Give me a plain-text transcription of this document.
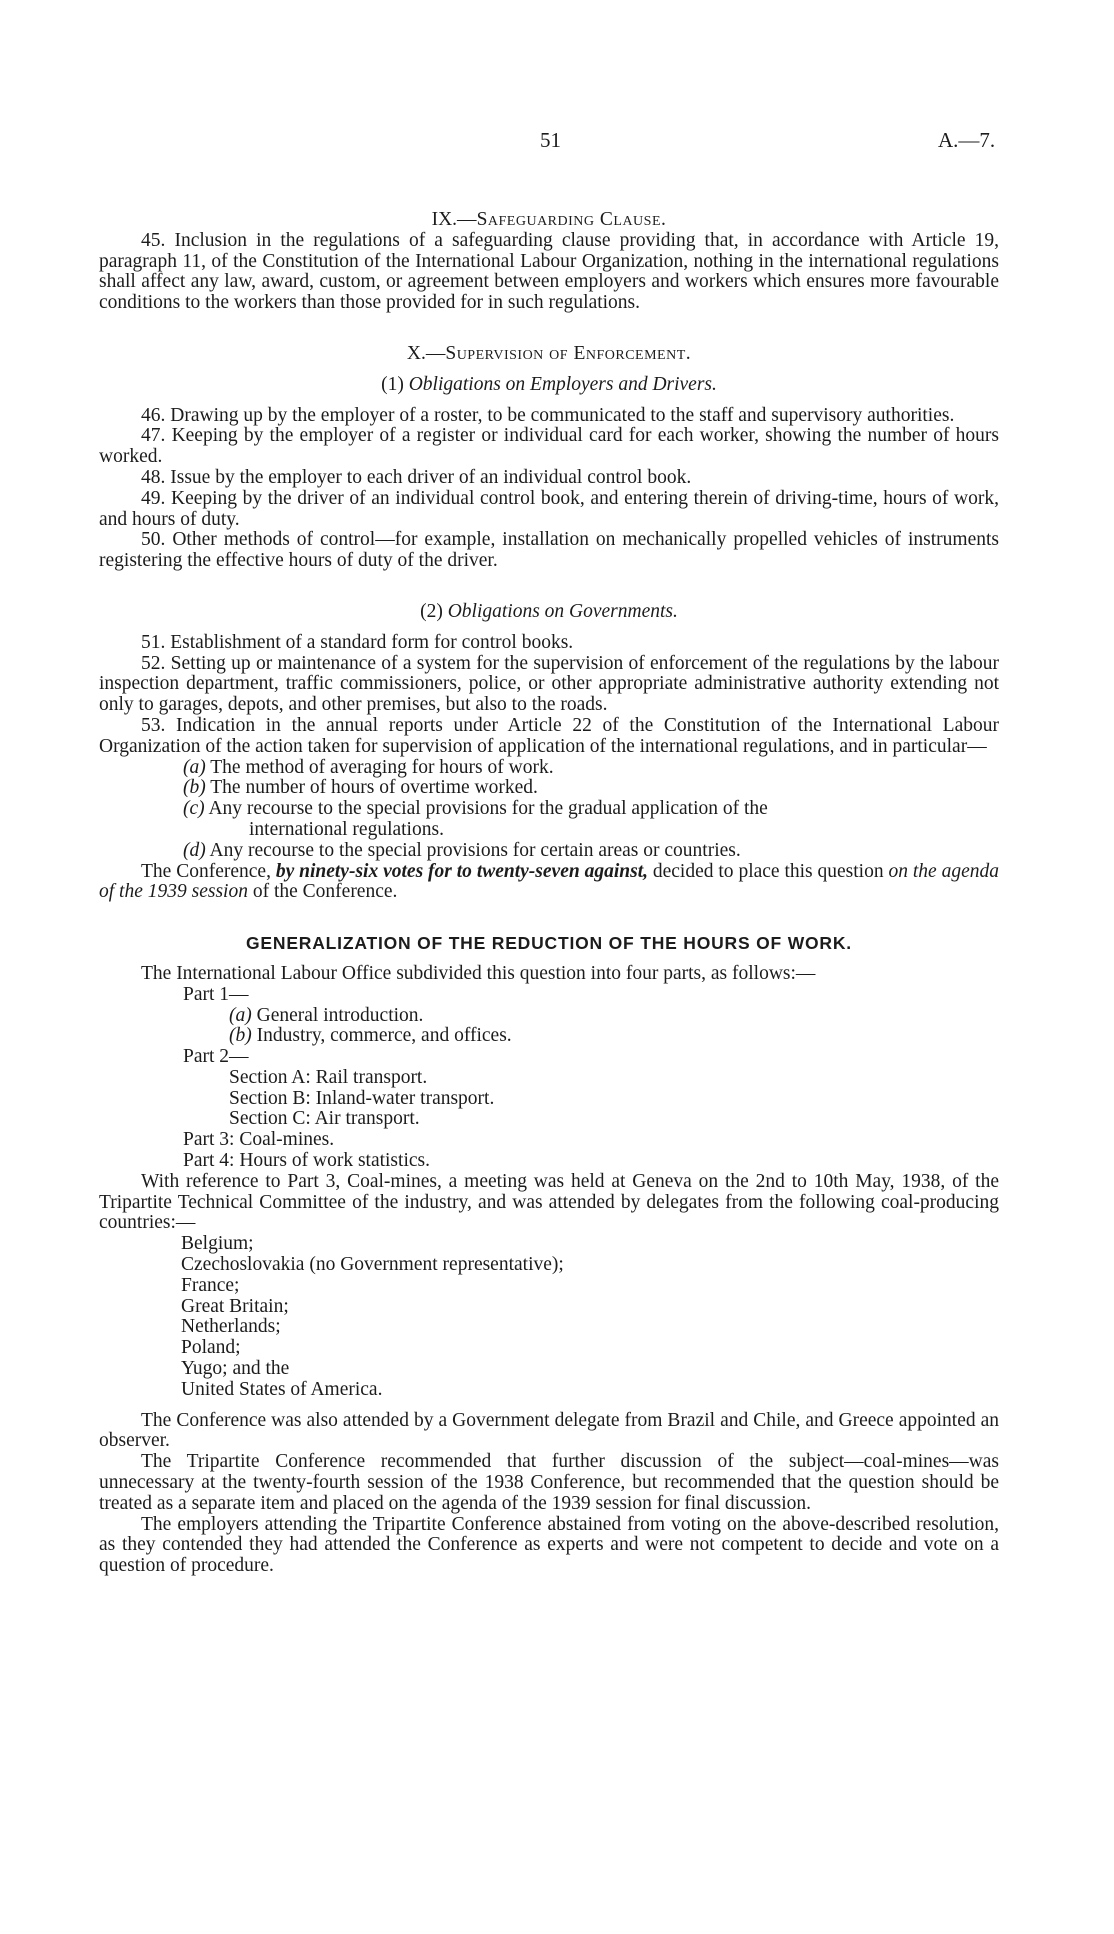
51	A.—7.

IX.—Safeguarding Clause.

45. Inclusion in the regulations of a safeguarding clause providing that, in accordance with Article 19, paragraph 11, of the Constitution of the International Labour Organization, nothing in the international regulations shall affect any law, award, custom, or agreement between employers and workers which ensures more favourable conditions to the workers than those provided for in such regulations.

X.—Supervision of Enforcement.

(1) Obligations on Employers and Drivers.

46. Drawing up by the employer of a roster, to be communicated to the staff and supervisory authorities.

47. Keeping by the employer of a register or individual card for each worker, showing the number of hours worked.

48. Issue by the employer to each driver of an individual control book.

49. Keeping by the driver of an individual control book, and entering therein of driving-time, hours of work, and hours of duty.

50. Other methods of control—for example, installation on mechanically propelled vehicles of instruments registering the effective hours of duty of the driver.

(2) Obligations on Governments.

51. Establishment of a standard form for control books.

52. Setting up or maintenance of a system for the supervision of enforcement of the regulations by the labour inspection department, traffic commissioners, police, or other appropriate administrative authority extending not only to garages, depots, and other premises, but also to the roads.

53. Indication in the annual reports under Article 22 of the Constitution of the International Labour Organization of the action taken for supervision of application of the international regulations, and in particular—

(a) The method of averaging for hours of work.

(b) The number of hours of overtime worked.

(c) Any recourse to the special provisions for the gradual application of the

international regulations.

(d) Any recourse to the special provisions for certain areas or countries.

The Conference, by ninety-six votes for to twenty-seven against, decided to place this question on the agenda of the 1939 session of the Conference.

GENERALIZATION OF THE REDUCTION OF THE HOURS OF WORK.

The International Labour Office subdivided this question into four parts, as follows:—

Part 1—

(a) General introduction.

(b) Industry, commerce, and offices.

Part 2—

Section A: Rail transport.

Section B: Inland-water transport.

Section C: Air transport.

Part 3: Coal-mines.

Part 4: Hours of work statistics.

With reference to Part 3, Coal-mines, a meeting was held at Geneva on the 2nd to 10th May, 1938, of the Tripartite Technical Committee of the industry, and was attended by delegates from the following coal-producing countries:—

Belgium;

Czechoslovakia (no Government representative);

France;

Great Britain;

Netherlands;

Poland;

Yugo; and the

United States of America.

The Conference was also attended by a Government delegate from Brazil and Chile, and Greece appointed an observer.

The Tripartite Conference recommended that further discussion of the subject—coal-mines—was unnecessary at the twenty-fourth session of the 1938 Conference, but recommended that the question should be treated as a separate item and placed on the agenda of the 1939 session for final discussion.

The employers attending the Tripartite Conference abstained from voting on the above-described resolution, as they contended they had attended the Conference as experts and were not competent to decide and vote on a question of procedure.
